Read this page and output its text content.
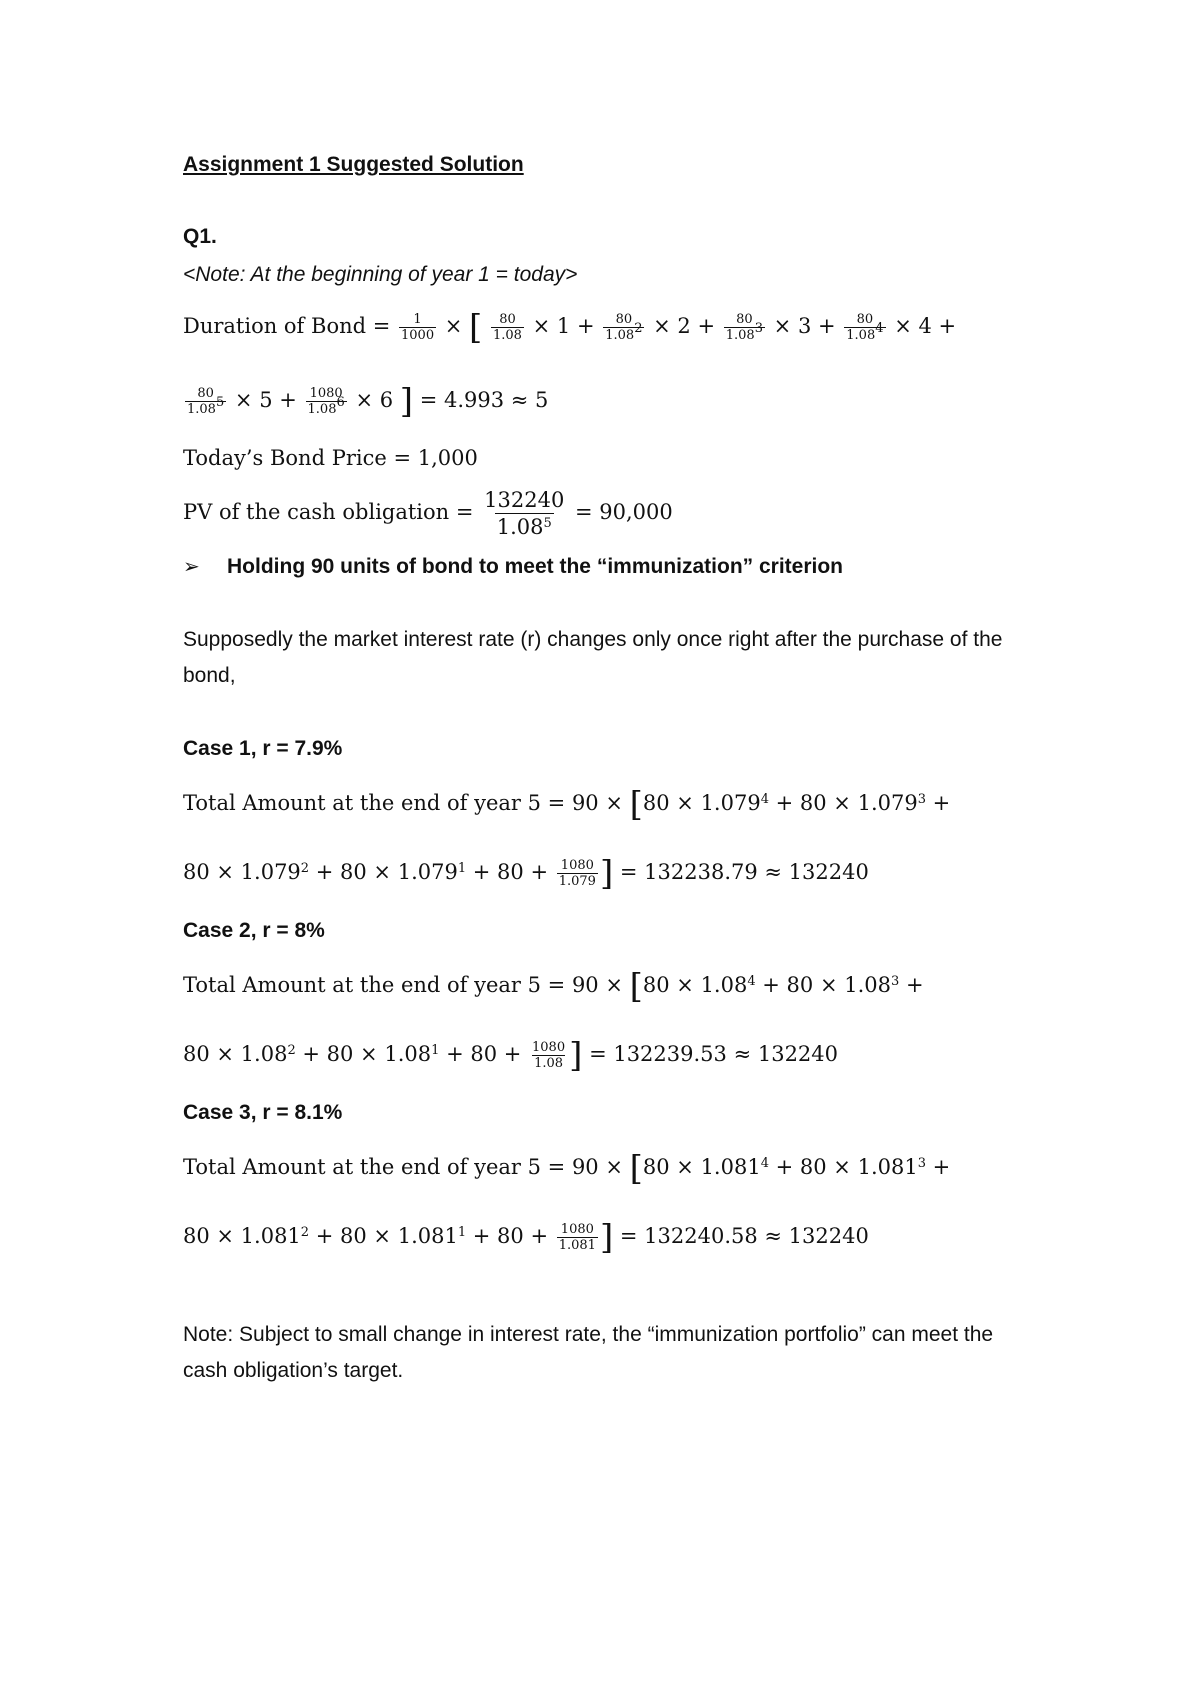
Assignment 1 Suggested Solution
Q1.
<Note: At the beginning of year 1 = today>
Duration of Bond = $\frac{1}{1000}$ × [ $\frac{80}{1.08} \times 1 + \frac{80}{1.08^2} \times 2 + \frac{80}{1.08^3} \times 3 + \frac{80}{1.08^4} \times 4$ +
$\frac{80}{1.08^5} \times 5 + \frac{1080}{1.08^6} \times 6$ ] = 4.993 ≈ 5
Today’s Bond Price = 1,000
PV of the cash obligation = $\frac{132240}{1.08^5} = 90,000$
➢ Holding 90 units of bond to meet the “immunization” criterion
Supposedly the market interest rate (r) changes only once right after the purchase of the bond,
Case 1, r = 7.9%
Total Amount at the end of year $5 = 90 \times [80 \times 1.079^4 + 80 \times 1.079^3$ +
$80 \times 1.079^2 + 80 \times 1.079^1 + 80 + \frac{1080}{1.079}$ ] = 132238.79 ≈ 132240
Case 2, r = 8%
Total Amount at the end of year $5 = 90 \times [80 \times 1.08^4 + 80 \times 1.08^3$ +
$80 \times 1.08^2 + 80 \times 1.08^1 + 80 + \frac{1080}{1.08}$ ] = 132239.53 ≈ 132240
Case 3, r = 8.1%
Total Amount at the end of year $5 = 90 \times [80 \times 1.081^4 + 80 \times 1.081^3$ +
$80 \times 1.081^2 + 80 \times 1.081^1 + 80 + \frac{1080}{1.081}$ ] = 132240.58 ≈ 132240
Note: Subject to small change in interest rate, the “immunization portfolio” can meet the cash obligation’s target.
